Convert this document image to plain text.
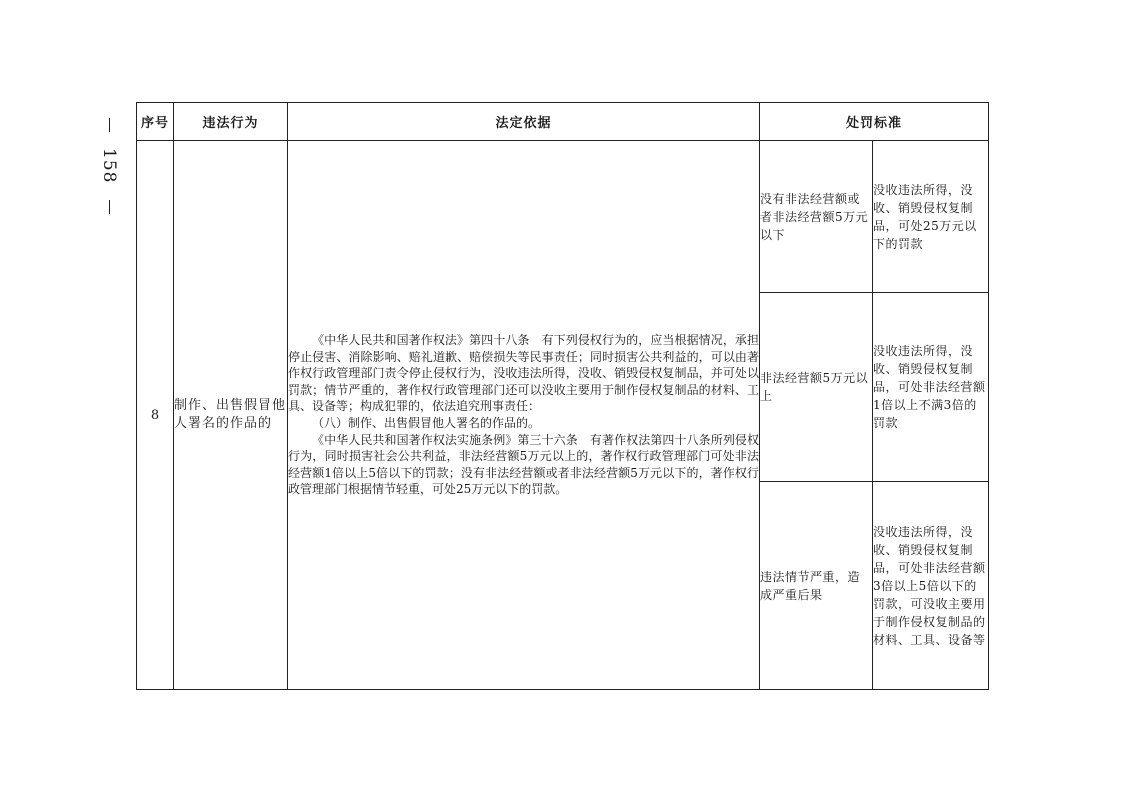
158
序号	违法行为	法定依据	处罚标准	
8	制作、出售假冒他人署名的作品的	《中华人民共和国著作权法》第四十八条　有下列侵权行为的，应当根据情况，承担停止侵害、消除影响、赔礼道歉、赔偿损失等民事责任；同时损害公共利益的，可以由著作权行政管理部门责令停止侵权行为，没收违法所得，没收、销毁侵权复制品，并可处以罚款；情节严重的，著作权行政管理部门还可以没收主要用于制作侵权复制品的材料、工具、设备等；构成犯罪的，依法追究刑事责任：

（八）制作、出售假冒他人署名的作品的。

《中华人民共和国著作权法实施条例》第三十六条　有著作权法第四十八条所列侵权行为，同时损害社会公共利益，非法经营额5万元以上的，著作权行政管理部门可处非法经营额1倍以上5倍以下的罚款；没有非法经营额或者非法经营额5万元以下的，著作权行政管理部门根据情节轻重，可处25万元以下的罚款。	没有非法经营额或者非法经营额5万元以下	没收违法所得，没收、销毁侵权复制品，可处25万元以下的罚款
			非法经营额5万元以上	没收违法所得，没收、销毁侵权复制品，可处非法经营额1倍以上不满3倍的罚款
			违法情节严重，造成严重后果	没收违法所得，没收、销毁侵权复制品，可处非法经营额3倍以上5倍以下的罚款，可没收主要用于制作侵权复制品的材料、工具、设备等
